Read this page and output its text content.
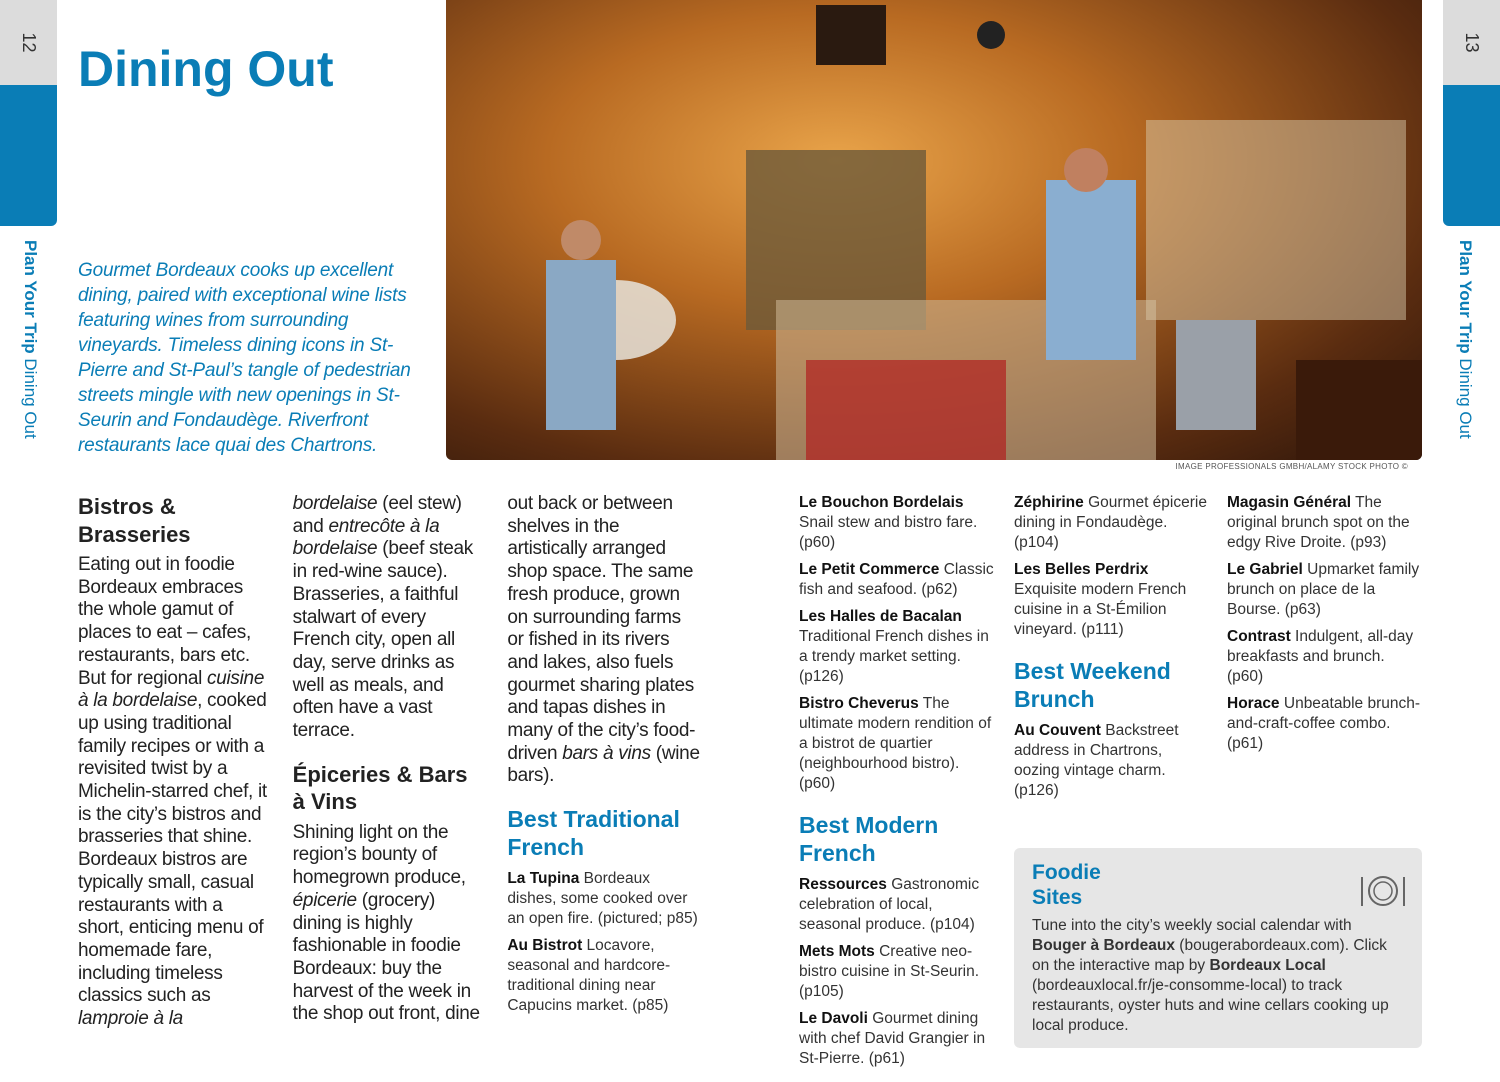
12
Plan Your Trip Dining Out
13
Plan Your Trip Dining Out
Dining Out

Gourmet Bordeaux cooks up excellent dining, paired with exceptional wine lists featuring wines from surrounding vineyards. Timeless dining icons in St-Pierre and St-Paul’s tangle of pedestrian streets mingle with new openings in St-Seurin and Fondaudège. Riverfront restaurants lace quai des Chartrons.

IMAGE PROFESSIONALS GMBH/ALAMY STOCK PHOTO ©
Bistros & Brasseries

Eating out in foodie Bordeaux embraces the whole gamut of places to eat – cafes, restaurants, bars etc. But for regional cuisine à la bordelaise, cooked up using traditional family recipes or with a revisited twist by a Michelin-starred chef, it is the city’s bistros and brasseries that shine. Bordeaux bistros are typically small, casual restaurants with a short, enticing menu of homemade fare, including timeless classics such as lamproie à la bordelaise (eel stew) and entrecôte à la bordelaise (beef steak in red-wine sauce). Brasseries, a faithful stalwart of every French city, open all day, serve drinks as well as meals, and often have a vast terrace.

Épiceries & Bars à Vins

Shining light on the region’s bounty of homegrown produce, épicerie (grocery) dining is highly fashionable in foodie Bordeaux: buy the harvest of the week in the shop out front, dine out back or between shelves in the artistically arranged shop space. The same fresh produce, grown on surrounding farms or fished in its rivers and lakes, also fuels gourmet sharing plates and tapas dishes in many of the city’s food-driven bars à vins (wine bars).

Best Traditional French

La Tupina Bordeaux dishes, some cooked over an open fire. (pictured; p85)

Au Bistrot Locavore, seasonal and hardcore-traditional dining near Capucins market. (p85)

Le Bouchon Bordelais Snail stew and bistro fare. (p60)

Le Petit Commerce Classic fish and seafood. (p62)

Les Halles de Bacalan Traditional French dishes in a trendy market setting. (p126)

Bistro Cheverus The ultimate modern rendition of a bistrot de quartier (neighbourhood bistro). (p60)

Best Modern French

Ressources Gastronomic celebration of local, seasonal produce. (p104)

Mets Mots Creative neo-bistro cuisine in St-Seurin. (p105)

Le Davoli Gourmet dining with chef David Grangier in St-Pierre. (p61)

Zéphirine Gourmet épicerie dining in Fondaudège. (p104)

Les Belles Perdrix Exquisite modern French cuisine in a St-Émilion vineyard. (p111)

Best Weekend Brunch

Au Couvent Backstreet address in Chartrons, oozing vintage charm. (p126)

Magasin Général The original brunch spot on the edgy Rive Droite. (p93)

Le Gabriel Upmarket family brunch on place de la Bourse. (p63)

Contrast Indulgent, all-day breakfasts and brunch. (p60)

Horace Unbeatable brunch-and-craft-coffee combo. (p61)

Foodie Sites

Tune into the city’s weekly social calendar with Bouger à Bordeaux (bougerabordeaux.com). Click on the interactive map by Bordeaux Local (bordeauxlocal.fr/je-consomme-local) to track restaurants, oyster huts and wine cellars cooking up local produce.
